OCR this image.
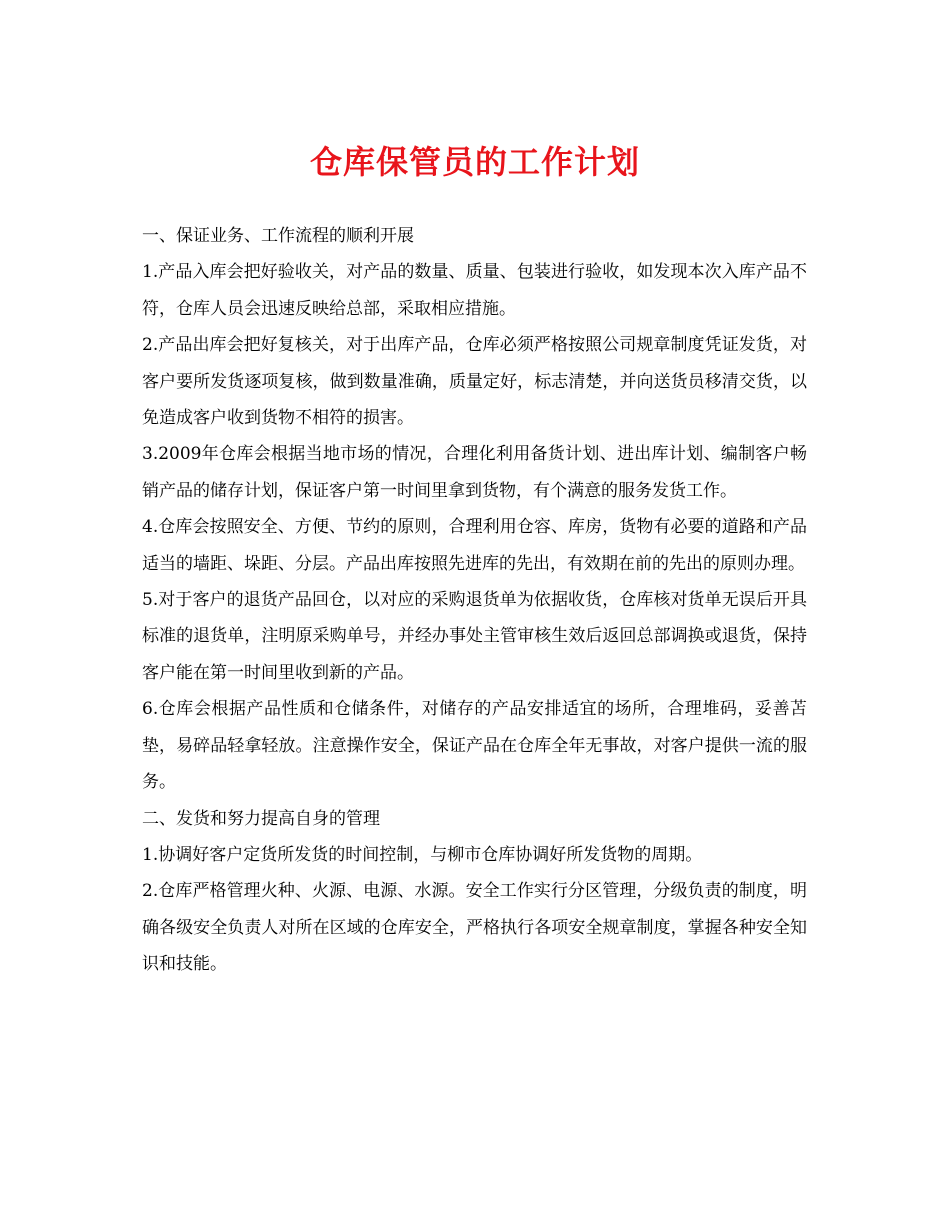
仓库保管员的工作计划

一、保证业务、工作流程的顺利开展

1.产品入库会把好验收关，对产品的数量、质量、包装进行验收，如发现本次入库产品不符，仓库人员会迅速反映给总部，采取相应措施。

2.产品出库会把好复核关，对于出库产品，仓库必须严格按照公司规章制度凭证发货，对客户要所发货逐项复核，做到数量准确，质量定好，标志清楚，并向送货员移清交货，以免造成客户收到货物不相符的损害。

3.2009年仓库会根据当地市场的情况，合理化利用备货计划、进出库计划、编制客户畅销产品的储存计划，保证客户第一时间里拿到货物，有个满意的服务发货工作。

4.仓库会按照安全、方便、节约的原则，合理利用仓容、库房，货物有必要的道路和产品适当的墙距、垛距、分层。产品出库按照先进库的先出，有效期在前的先出的原则办理。

5.对于客户的退货产品回仓，以对应的采购退货单为依据收货，仓库核对货单无误后开具标准的退货单，注明原采购单号，并经办事处主管审核生效后返回总部调换或退货，保持客户能在第一时间里收到新的产品。

6.仓库会根据产品性质和仓储条件，对储存的产品安排适宜的场所，合理堆码，妥善苫垫，易碎品轻拿轻放。注意操作安全，保证产品在仓库全年无事故，对客户提供一流的服务。

二、发货和努力提高自身的管理

1.协调好客户定货所发货的时间控制，与柳市仓库协调好所发货物的周期。

2.仓库严格管理火种、火源、电源、水源。安全工作实行分区管理，分级负责的制度，明确各级安全负责人对所在区域的仓库安全，严格执行各项安全规章制度，掌握各种安全知识和技能。
